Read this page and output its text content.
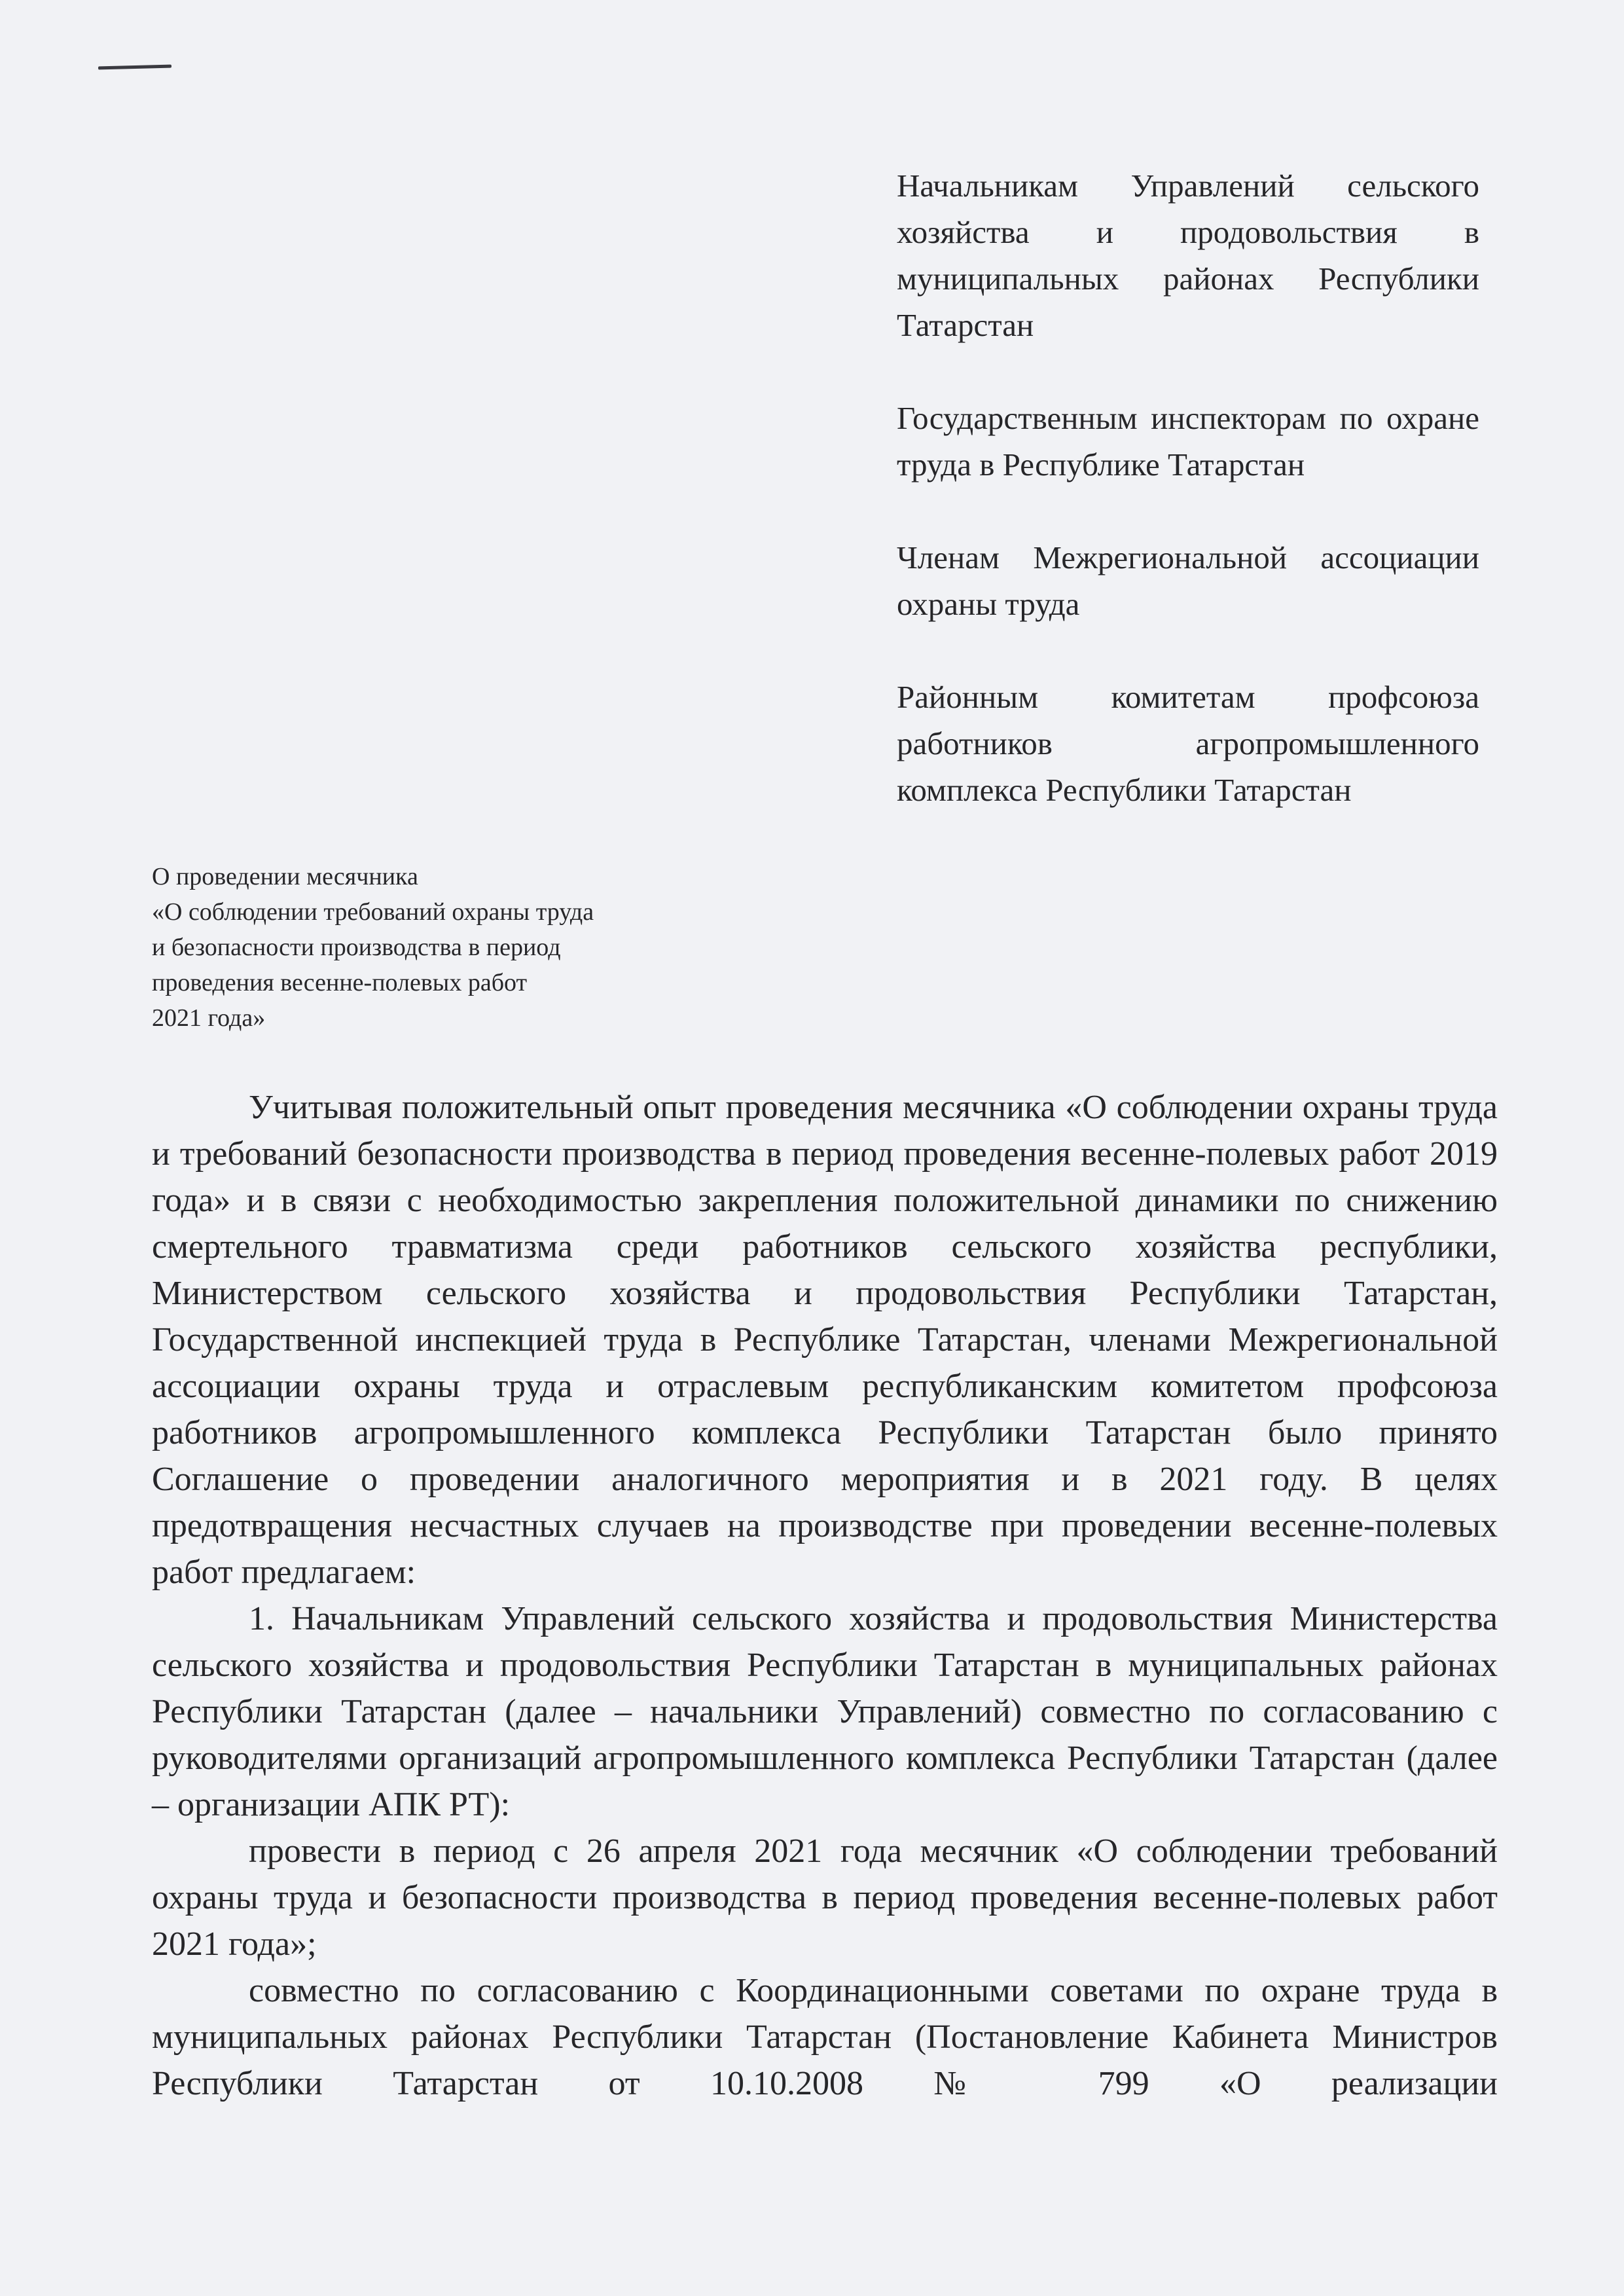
Начальникам Управлений сельского хозяйства и продовольствия в муниципальных районах Республики Татарстан
Государственным инспекторам по охране труда в Республике Татарстан
Членам Межрегиональной ассоциации охраны труда
Районным комитетам профсоюза работников агропромышленного комплекса Республики Татарстан
О проведении месячника
«О соблюдении требований охраны труда
и безопасности производства в период
проведения весенне-полевых работ
2021 года»

Учитывая положительный опыт проведения месячника «О соблюдении охраны труда и требований безопасности производства в период проведения весенне-полевых работ 2019 года» и в связи с необходимостью закрепления положительной динамики по снижению смертельного травматизма среди работников сельского хозяйства республики, Министерством сельского хозяйства и продовольствия Республики Татарстан, Государственной инспекцией труда в Республике Татарстан, членами Межрегиональной ассоциации охраны труда и отраслевым республиканским комитетом профсоюза работников агропромышленного комплекса Республики Татарстан было принято Соглашение о проведении аналогичного мероприятия и в 2021 году. В целях предотвращения несчастных случаев на производстве при проведении весенне-полевых работ предлагаем:

1. Начальникам Управлений сельского хозяйства и продовольствия Министерства сельского хозяйства и продовольствия Республики Татарстан в муниципальных районах Республики Татарстан (далее – начальники Управлений) совместно по согласованию с руководителями организаций агропромышленного комплекса Республики Татарстан (далее – организации АПК РТ):

провести в период с 26 апреля 2021 года месячник «О соблюдении требований охраны труда и безопасности производства в период проведения весенне-полевых работ 2021 года»;

совместно по согласованию с Координационными советами по охране труда в муниципальных районах Республики Татарстан (Постановление Кабинета Министров Республики Татарстан от 10.10.2008 № 799 «О реализации
